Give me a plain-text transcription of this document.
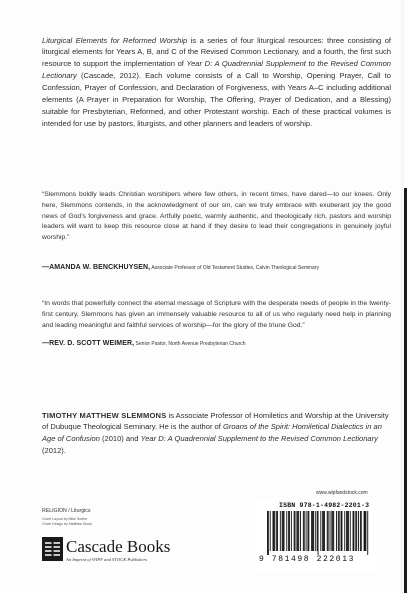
Liturgical Elements for Reformed Worship is a series of four liturgical resources: three consisting of liturgical elements for Years A, B, and C of the Revised Common Lectionary, and a fourth, the first such resource to support the implementation of Year D: A Quadrennial Supplement to the Revised Common Lectionary (Cascade, 2012). Each volume consists of a Call to Worship, Opening Prayer, Call to Confession, Prayer of Confession, and Declaration of Forgiveness, with Years A–C including additional elements (A Prayer in Preparation for Worship, The Offering, Prayer of Dedication, and a Blessing) suitable for Presbyterian, Reformed, and other Protestant worship. Each of these practical volumes is intended for use by pastors, liturgists, and other planners and leaders of worship.

“Slemmons boldly leads Christian worshipers where few others, in recent times, have dared—to our knees. Only here, Slemmons contends, in the acknowledgment of our sin, can we truly embrace with exuberant joy the good news of God’s forgiveness and grace. Artfully poetic, warmly authentic, and theologically rich, pastors and worship leaders will want to keep this resource close at hand if they desire to lead their congregations in genuinely joyful worship.”

—AMANDA W. BENCKHUYSEN, Associate Professor of Old Testament Studies, Calvin Theological Seminary

“In words that powerfully connect the eternal message of Scripture with the desperate needs of people in the twenty-first century, Slemmons has given an immensely valuable resource to all of us who regularly need help in planning and leading meaningful and faithful services of worship—for the glory of the triune God.”

—REV. D. SCOTT WEIMER, Senior Pastor, North Avenue Presbyterian Church

TIMOTHY MATTHEW SLEMMONS is Associate Professor of Homiletics and Worship at the University of Dubuque Theological Seminary. He is the author of Groans of the Spirit: Homiletical Dialectics in an Age of Confusion (2010) and Year D: A Quadrennial Supplement to the Revised Common Lectionary (2012).

www.wipfandstock.com
ISBN 978-1-4982-2201-3
9 781498 222013
RELIGION / Liturgics
Cover Layout by Mike Surber
Cover Design by Matthew Stock
Cascade Books
An Imprint of WIPF and STOCK Publishers
